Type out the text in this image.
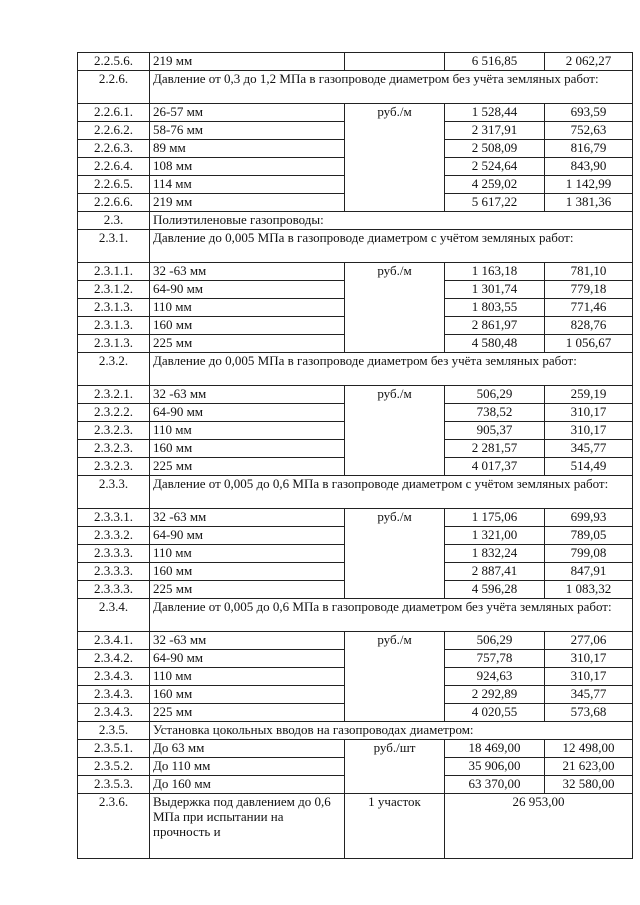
2.2.5.6.	219 мм		6 516,85	2 062,27
2.2.6.	Давление от 0,3 до 1,2 МПа в газопроводе диаметром без учёта земляных работ:			
2.2.6.1.	26-57 мм	руб./м	1 528,44	693,59
2.2.6.2.	58-76 мм		2 317,91	752,63
2.2.6.3.	89 мм		2 508,09	816,79
2.2.6.4.	108 мм		2 524,64	843,90
2.2.6.5.	114 мм		4 259,02	1 142,99
2.2.6.6.	219 мм		5 617,22	1 381,36
2.3.	Полиэтиленовые газопроводы:			
2.3.1.	Давление до 0,005 МПа в газопроводе диаметром с учётом земляных работ:			
2.3.1.1.	32 -63 мм	руб./м	1 163,18	781,10
2.3.1.2.	64-90 мм		1 301,74	779,18
2.3.1.3.	110 мм		1 803,55	771,46
2.3.1.3.	160 мм		2 861,97	828,76
2.3.1.3.	225 мм		4 580,48	1 056,67
2.3.2.	Давление до 0,005 МПа в газопроводе диаметром без учёта земляных работ:			
2.3.2.1.	32 -63 мм	руб./м	506,29	259,19
2.3.2.2.	64-90 мм		738,52	310,17
2.3.2.3.	110 мм		905,37	310,17
2.3.2.3.	160 мм		2 281,57	345,77
2.3.2.3.	225 мм		4 017,37	514,49
2.3.3.	Давление от 0,005 до 0,6 МПа в газопроводе диаметром с учётом земляных работ:			
2.3.3.1.	32 -63 мм	руб./м	1 175,06	699,93
2.3.3.2.	64-90 мм		1 321,00	789,05
2.3.3.3.	110 мм		1 832,24	799,08
2.3.3.3.	160 мм		2 887,41	847,91
2.3.3.3.	225 мм		4 596,28	1 083,32
2.3.4.	Давление от 0,005 до 0,6 МПа в газопроводе диаметром без учёта земляных работ:			
2.3.4.1.	32 -63 мм	руб./м	506,29	277,06
2.3.4.2.	64-90 мм		757,78	310,17
2.3.4.3.	110 мм		924,63	310,17
2.3.4.3.	160 мм		2 292,89	345,77
2.3.4.3.	225 мм		4 020,55	573,68
2.3.5.	Установка цокольных вводов на газопроводах диаметром:			
2.3.5.1.	До 63 мм	руб./шт	18 469,00	12 498,00
2.3.5.2.	До 110 мм		35 906,00	21 623,00
2.3.5.3.	До 160 мм		63 370,00	32 580,00
2.3.6.	Выдержка под давлением до 0,6 МПа при испытании на прочность и	1 участок	26 953,00	
